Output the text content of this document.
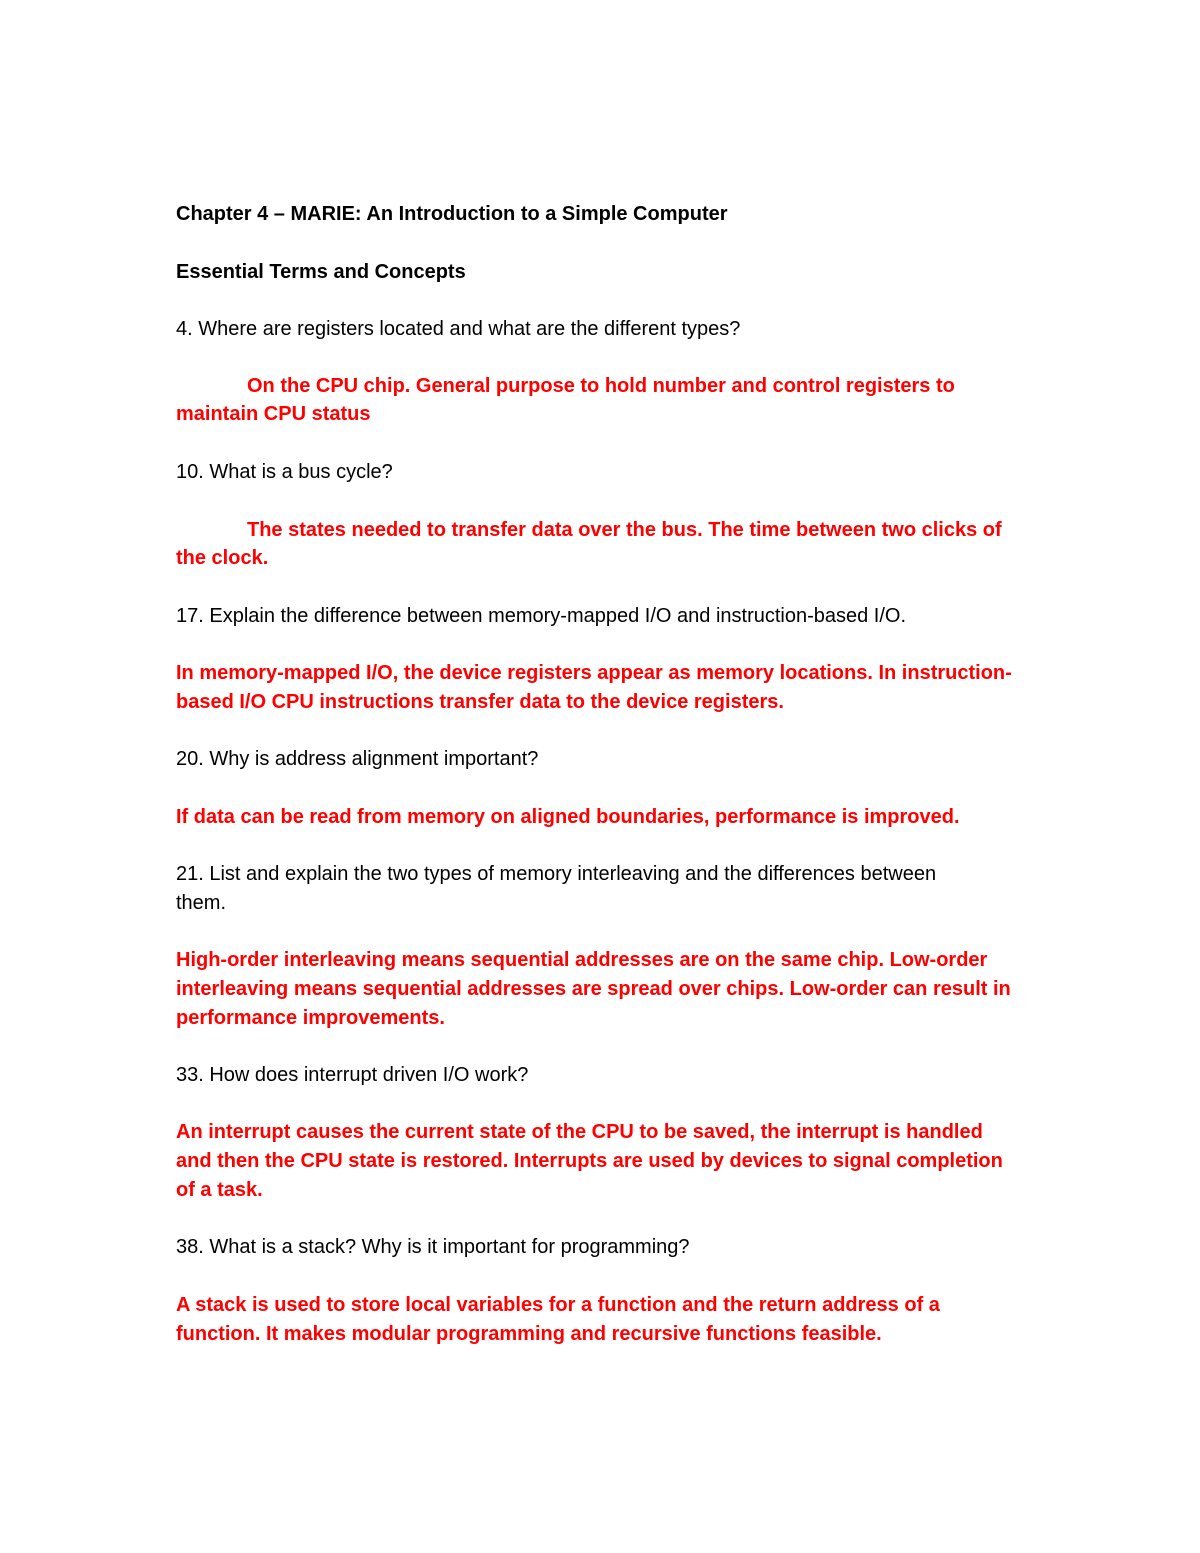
Chapter 4 – MARIE: An Introduction to a Simple Computer
Essential Terms and Concepts
4. Where are registers located and what are the different types?
On the CPU chip. General purpose to hold number and control registers to
maintain CPU status
10. What is a bus cycle?
The states needed to transfer data over the bus. The time between two clicks of
the clock.
17. Explain the difference between memory-mapped I/O and instruction-based I/O.
In memory-mapped I/O, the device registers appear as memory locations. In instruction-
based I/O CPU instructions transfer data to the device registers.
20. Why is address alignment important?
If data can be read from memory on aligned boundaries, performance is improved.
21. List and explain the two types of memory interleaving and the differences between
them.
High-order interleaving means sequential addresses are on the same chip. Low-order
interleaving means sequential addresses are spread over chips. Low-order can result in
performance improvements.
33. How does interrupt driven I/O work?
An interrupt causes the current state of the CPU to be saved, the interrupt is handled
and then the CPU state is restored. Interrupts are used by devices to signal completion
of a task.
38. What is a stack? Why is it important for programming?
A stack is used to store local variables for a function and the return address of a
function. It makes modular programming and recursive functions feasible.
